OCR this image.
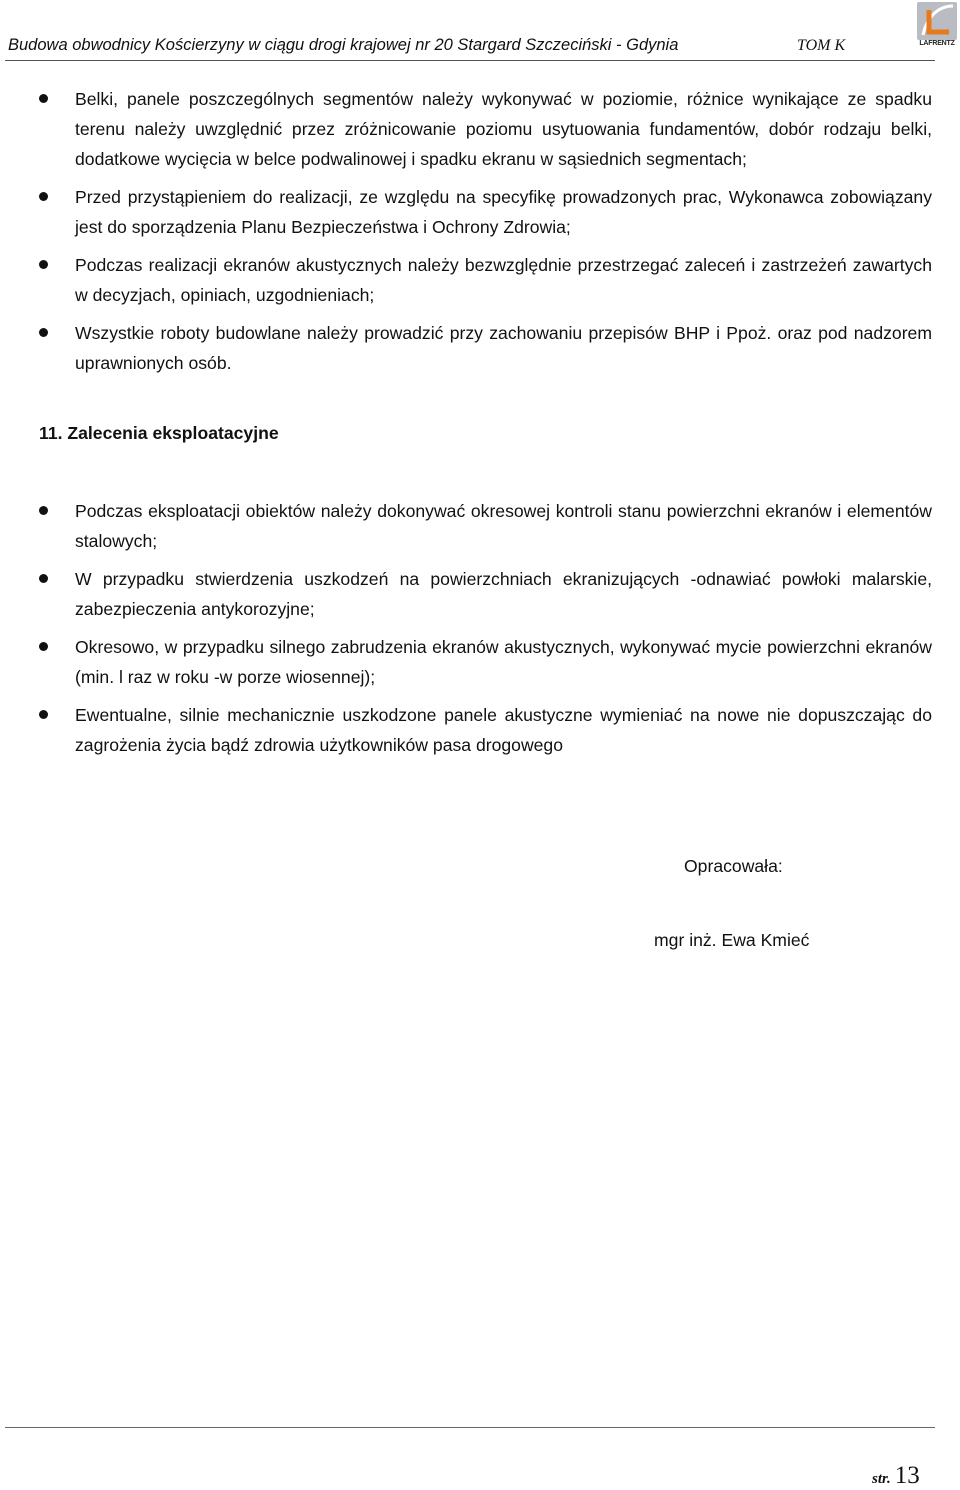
Budowa obwodnicy Kościerzyny w ciągu drogi krajowej nr 20 Stargard Szczeciński - Gdynia	TOM K	LAFRENTZ

Belki, panele poszczególnych segmentów należy wykonywać w poziomie, różnice wynikające ze spadku terenu należy uwzględnić przez zróżnicowanie poziomu usytuowania fundamentów, dobór rodzaju belki, dodatkowe wycięcia w belce podwalinowej i spadku ekranu w sąsiednich segmentach;

Przed przystąpieniem do realizacji, ze względu na specyfikę prowadzonych prac, Wykonawca zobowiązany jest do sporządzenia Planu Bezpieczeństwa i Ochrony Zdrowia;

Podczas realizacji ekranów akustycznych należy bezwzględnie przestrzegać zaleceń i zastrzeżeń zawartych w decyzjach, opiniach, uzgodnieniach;

Wszystkie roboty budowlane należy prowadzić przy zachowaniu przepisów BHP i Ppoż. oraz pod nadzorem uprawnionych osób.

11. Zalecenia eksploatacyjne

Podczas eksploatacji obiektów należy dokonywać okresowej kontroli stanu powierzchni ekranów i elementów stalowych;

W przypadku stwierdzenia uszkodzeń na powierzchniach ekranizujących -odnawiać powłoki malarskie, zabezpieczenia antykorozyjne;

Okresowo, w przypadku silnego zabrudzenia ekranów akustycznych, wykonywać mycie powierzchni ekranów (min. l raz w roku -w porze wiosennej);

Ewentualne, silnie mechanicznie uszkodzone panele akustyczne wymieniać na nowe nie dopuszczając do zagrożenia życia bądź zdrowia użytkowników pasa drogowego

Opracowała:
mgr inż. Ewa Kmieć
str. 13
